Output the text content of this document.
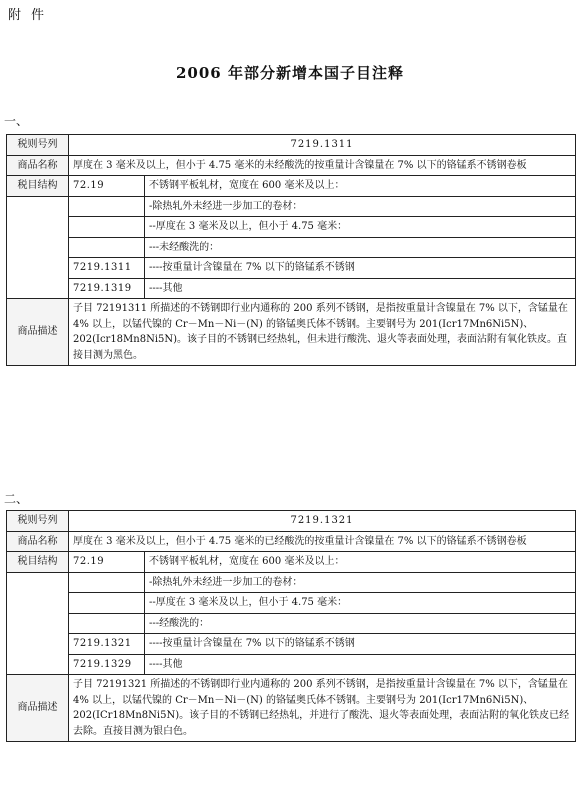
附件
2006 年部分新增本国子目注释
一、
税则号列	7219.1311	
商品名称	厚度在 3 毫米及以上，但小于 4.75 毫米的未经酸洗的按重量计含镍量在 7% 以下的铬锰系不锈钢卷板	
税目结构	72.19	不锈钢平板轧材，宽度在 600 毫米及以上：
		-除热轧外未经进一步加工的卷材：
		--厚度在 3 毫米及以上，但小于 4.75 毫米：
		---未经酸洗的：
	7219.1311	----按重量计含镍量在 7% 以下的铬锰系不锈钢
	7219.1319	----其他
商品描述	子目 72191311 所描述的不锈钢即行业内通称的 200 系列不锈钢，是指按重量计含镍量在 7% 以下，含锰量在 4% 以上，以锰代镍的 Cr－Mn－Ni－(N) 的铬锰奥氏体不锈钢。主要钢号为 201(Icr17Mn6Ni5N)、202(Icr18Mn8Ni5N)。该子目的不锈钢已经热轧，但未进行酸洗、退火等表面处理，表面沾附有氧化铁皮。直接目测为黑色。	
二、
税则号列	7219.1321	
商品名称	厚度在 3 毫米及以上，但小于 4.75 毫米的已经酸洗的按重量计含镍量在 7% 以下的铬锰系不锈钢卷板	
税目结构	72.19	不锈钢平板轧材，宽度在 600 毫米及以上：
		-除热轧外未经进一步加工的卷材：
		--厚度在 3 毫米及以上，但小于 4.75 毫米：
		---经酸洗的：
	7219.1321	----按重量计含镍量在 7% 以下的铬锰系不锈钢
	7219.1329	----其他
商品描述	子目 72191321 所描述的不锈钢即行业内通称的 200 系列不锈钢，是指按重量计含镍量在 7% 以下，含锰量在 4% 以上，以锰代镍的 Cr－Mn－Ni－(N) 的铬锰奥氏体不锈钢。主要钢号为 201(Icr17Mn6Ni5N)、202(ICr18Mn8Ni5N)。该子目的不锈钢已经热轧，并进行了酸洗、退火等表面处理，表面沾附的氧化铁皮已经去除。直接目测为银白色。	
